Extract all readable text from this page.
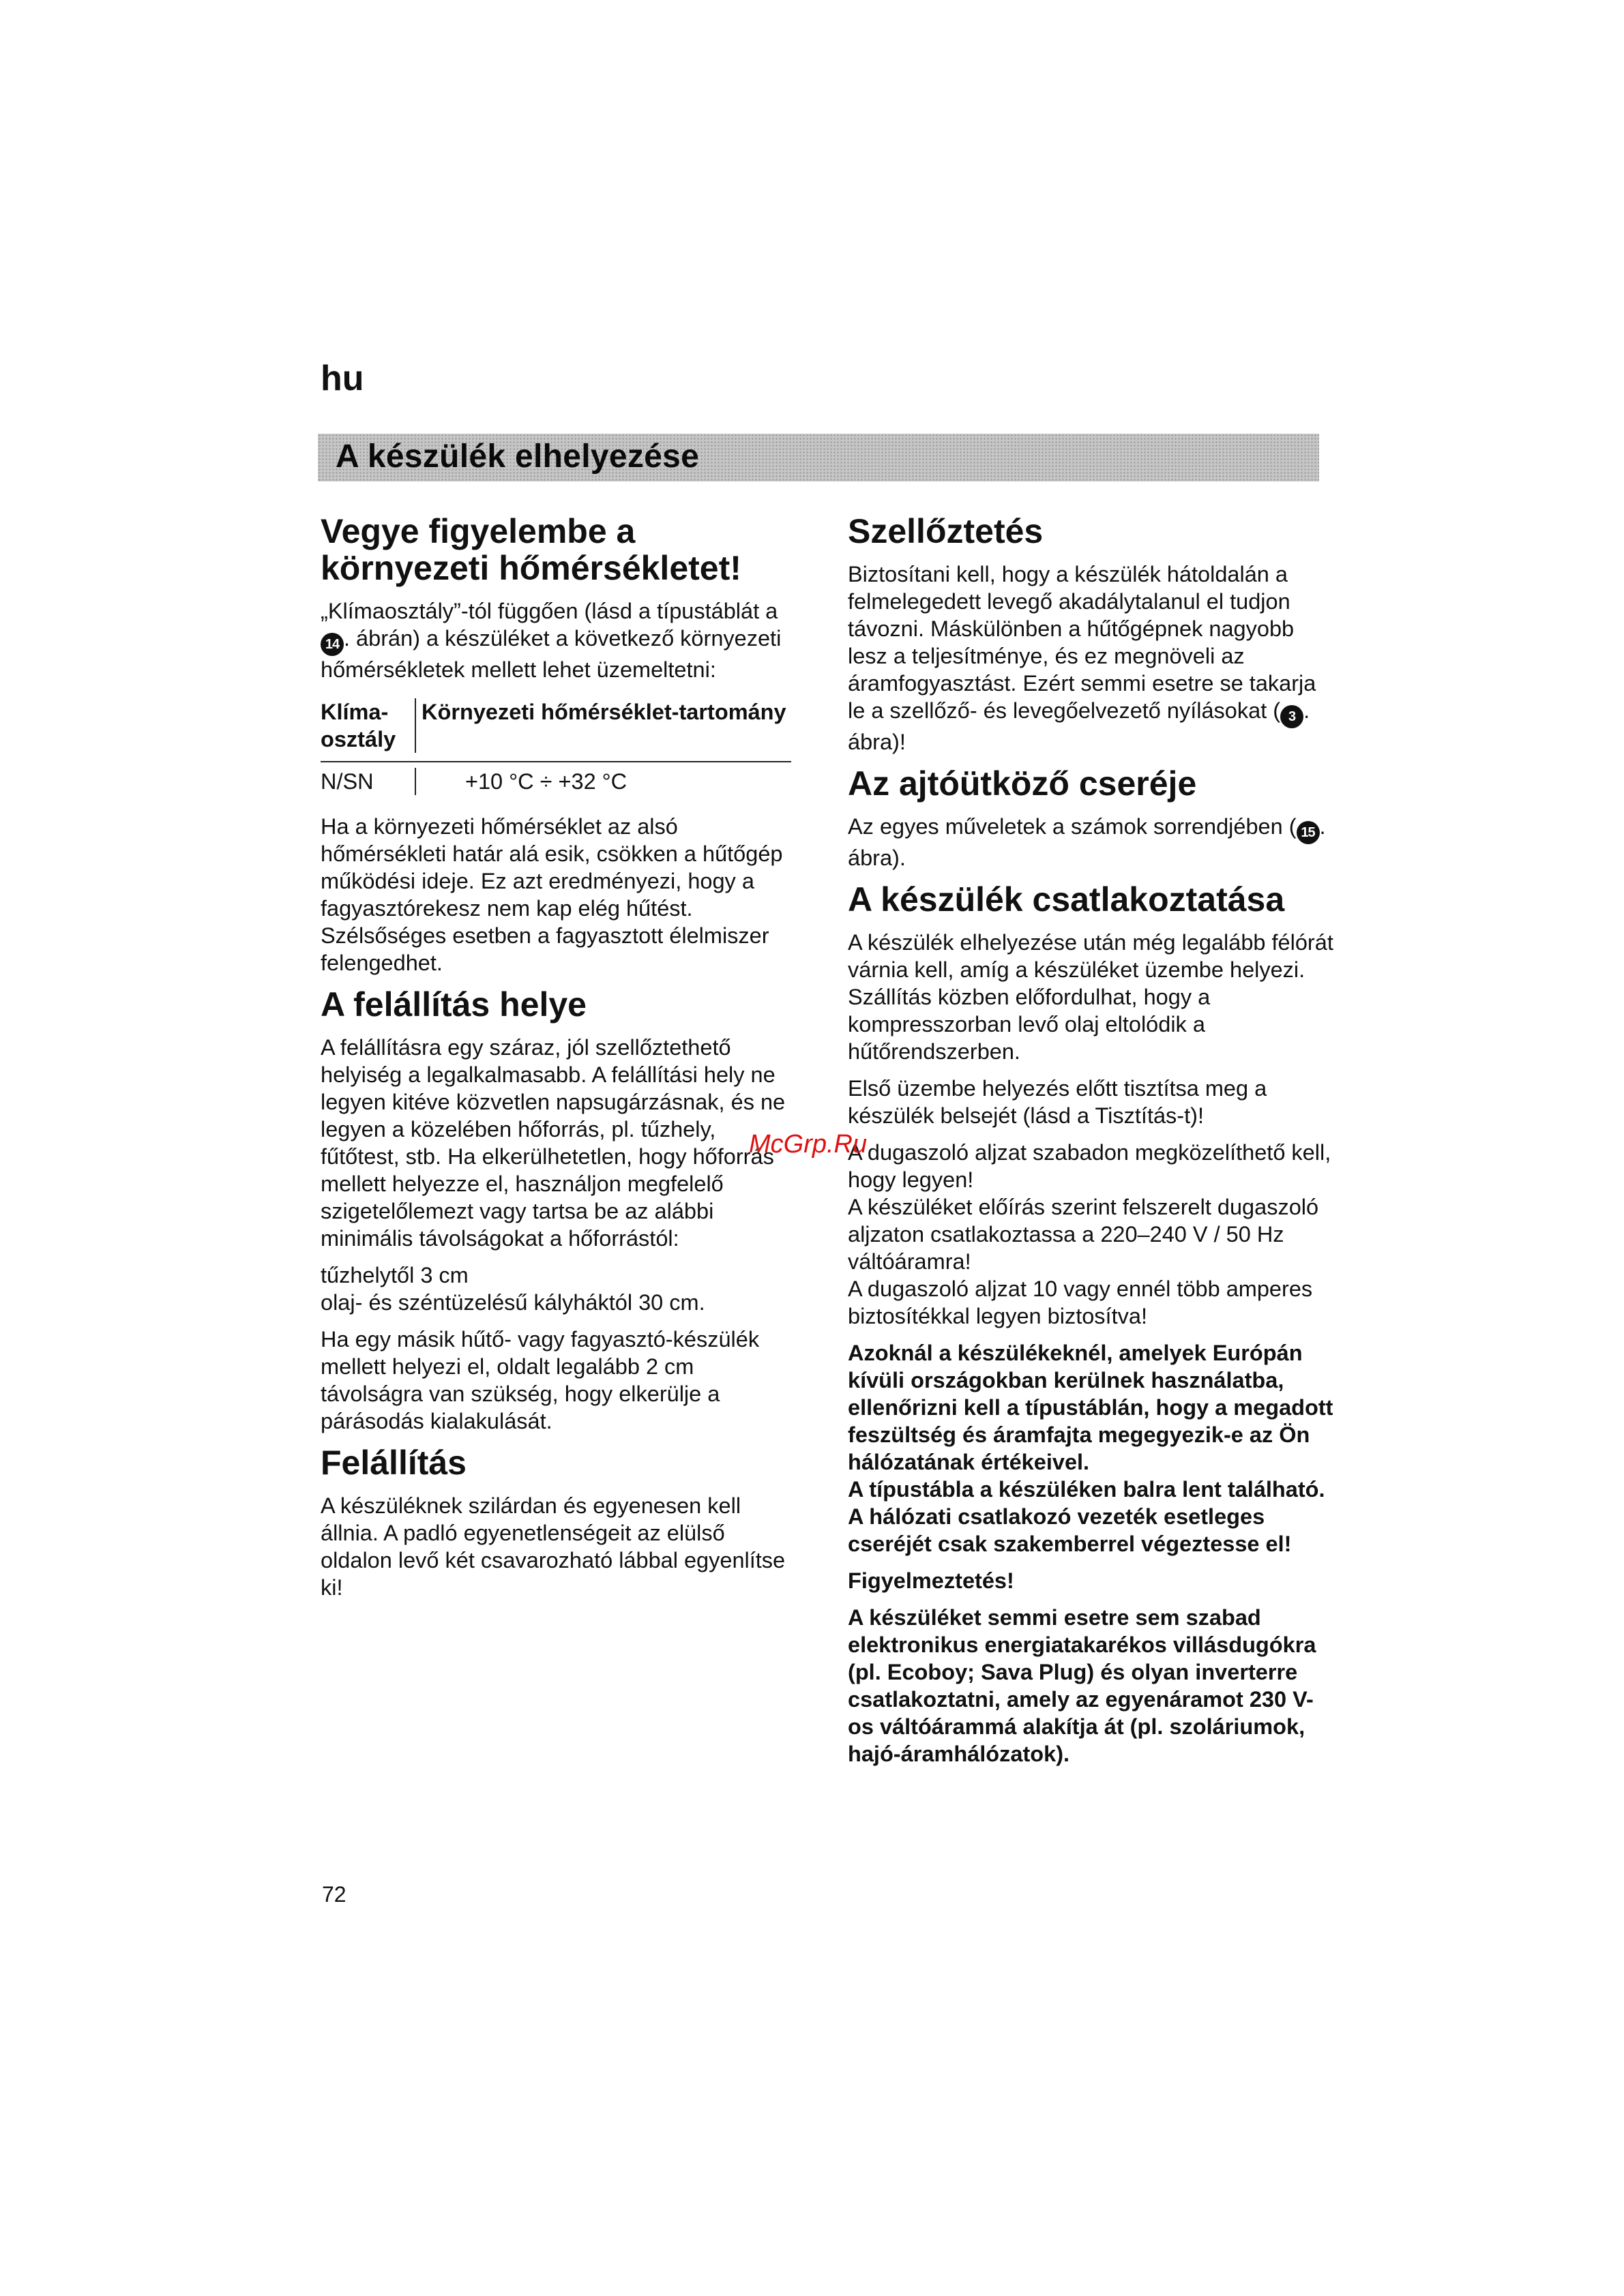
hu

A készülék elhelyezése
Vegye figyelembe a környezeti hőmérsékletet!

„Klímaosztály”-tól függően (lásd a típustáblát a 14 . ábrán) a készüléket a következő környezeti hőmérsékletek mellett lehet üzemeltetni:

Klíma-osztály
Környezeti hőmérséklet-tartomány
N/SN	+10 °C ÷ +32 °C

Ha a környezeti hőmérséklet az alsó hőmérsékleti határ alá esik, csökken a hűtőgép működési ideje. Ez azt eredményezi, hogy a fagyasztórekesz nem kap elég hűtést. Szélsőséges esetben a fagyasztott élelmiszer felengedhet.

A felállítás helye

A felállításra egy száraz, jól szellőztethető helyiség a legalkalmasabb. A felállítási hely ne legyen kitéve közvetlen napsugárzásnak, és ne legyen a közelében hőforrás, pl. tűzhely, fűtőtest, stb. Ha elkerülhetetlen, hogy hőforrás mellett helyezze el, használjon megfelelő szigetelőlemezt vagy tartsa be az alábbi minimális távolságokat a hőforrástól:

tűzhelytől 3 cm
olaj- és széntüzelésű kályháktól 30 cm.

Ha egy másik hűtő- vagy fagyasztó-készülék mellett helyezi el, oldalt legalább 2 cm távolságra van szükség, hogy elkerülje a párásodás kialakulását.

Felállítás

A készüléknek szilárdan és egyenesen kell állnia. A padló egyenetlenségeit az elülső oldalon levő két csavarozható lábbal egyenlítse ki!

Szellőztetés

Biztosítani kell, hogy a készülék hátoldalán a felmelegedett levegő akadálytalanul el tudjon távozni. Máskülönben a hűtőgépnek nagyobb lesz a teljesítménye, és ez megnöveli az áramfogyasztást. Ezért semmi esetre se takarja le a szellőző- és levegőelvezető nyílásokat ( 3 . ábra)!

Az ajtóütköző cseréje

Az egyes műveletek a számok sorrendjében ( 15 . ábra).

A készülék csatlakoztatása

A készülék elhelyezése után még legalább félórát várnia kell, amíg a készüléket üzembe helyezi. Szállítás közben előfordulhat, hogy a kompresszorban levő olaj eltolódik a hűtőrendszerben.

Első üzembe helyezés előtt tisztítsa meg a készülék belsejét (lásd a Tisztítás-t)!

A dugaszoló aljzat szabadon megközelíthető kell, hogy legyen!
A készüléket előírás szerint felszerelt dugaszoló aljzaton csatlakoztassa a 220–240 V / 50 Hz váltóáramra!
A dugaszoló aljzat 10 vagy ennél több amperes biztosítékkal legyen biztosítva!

Azoknál a készülékeknél, amelyek Európán kívüli országokban kerülnek használatba, ellenőrizni kell a típustáblán, hogy a megadott feszültség és áramfajta megegyezik-e az Ön hálózatának értékeivel.
A típustábla a készüléken balra lent található. A hálózati csatlakozó vezeték esetleges cseréjét csak szakemberrel végeztesse el!

Figyelmeztetés!

A készüléket semmi esetre sem szabad elektronikus energiatakarékos villásdugókra (pl. Ecoboy; Sava Plug) és olyan inverterre csatlakoztatni, amely az egyenáramot 230 V-os váltóárammá alakítja át (pl. szoláriumok, hajó-áramhálózatok).

McGrp.Ru

72
